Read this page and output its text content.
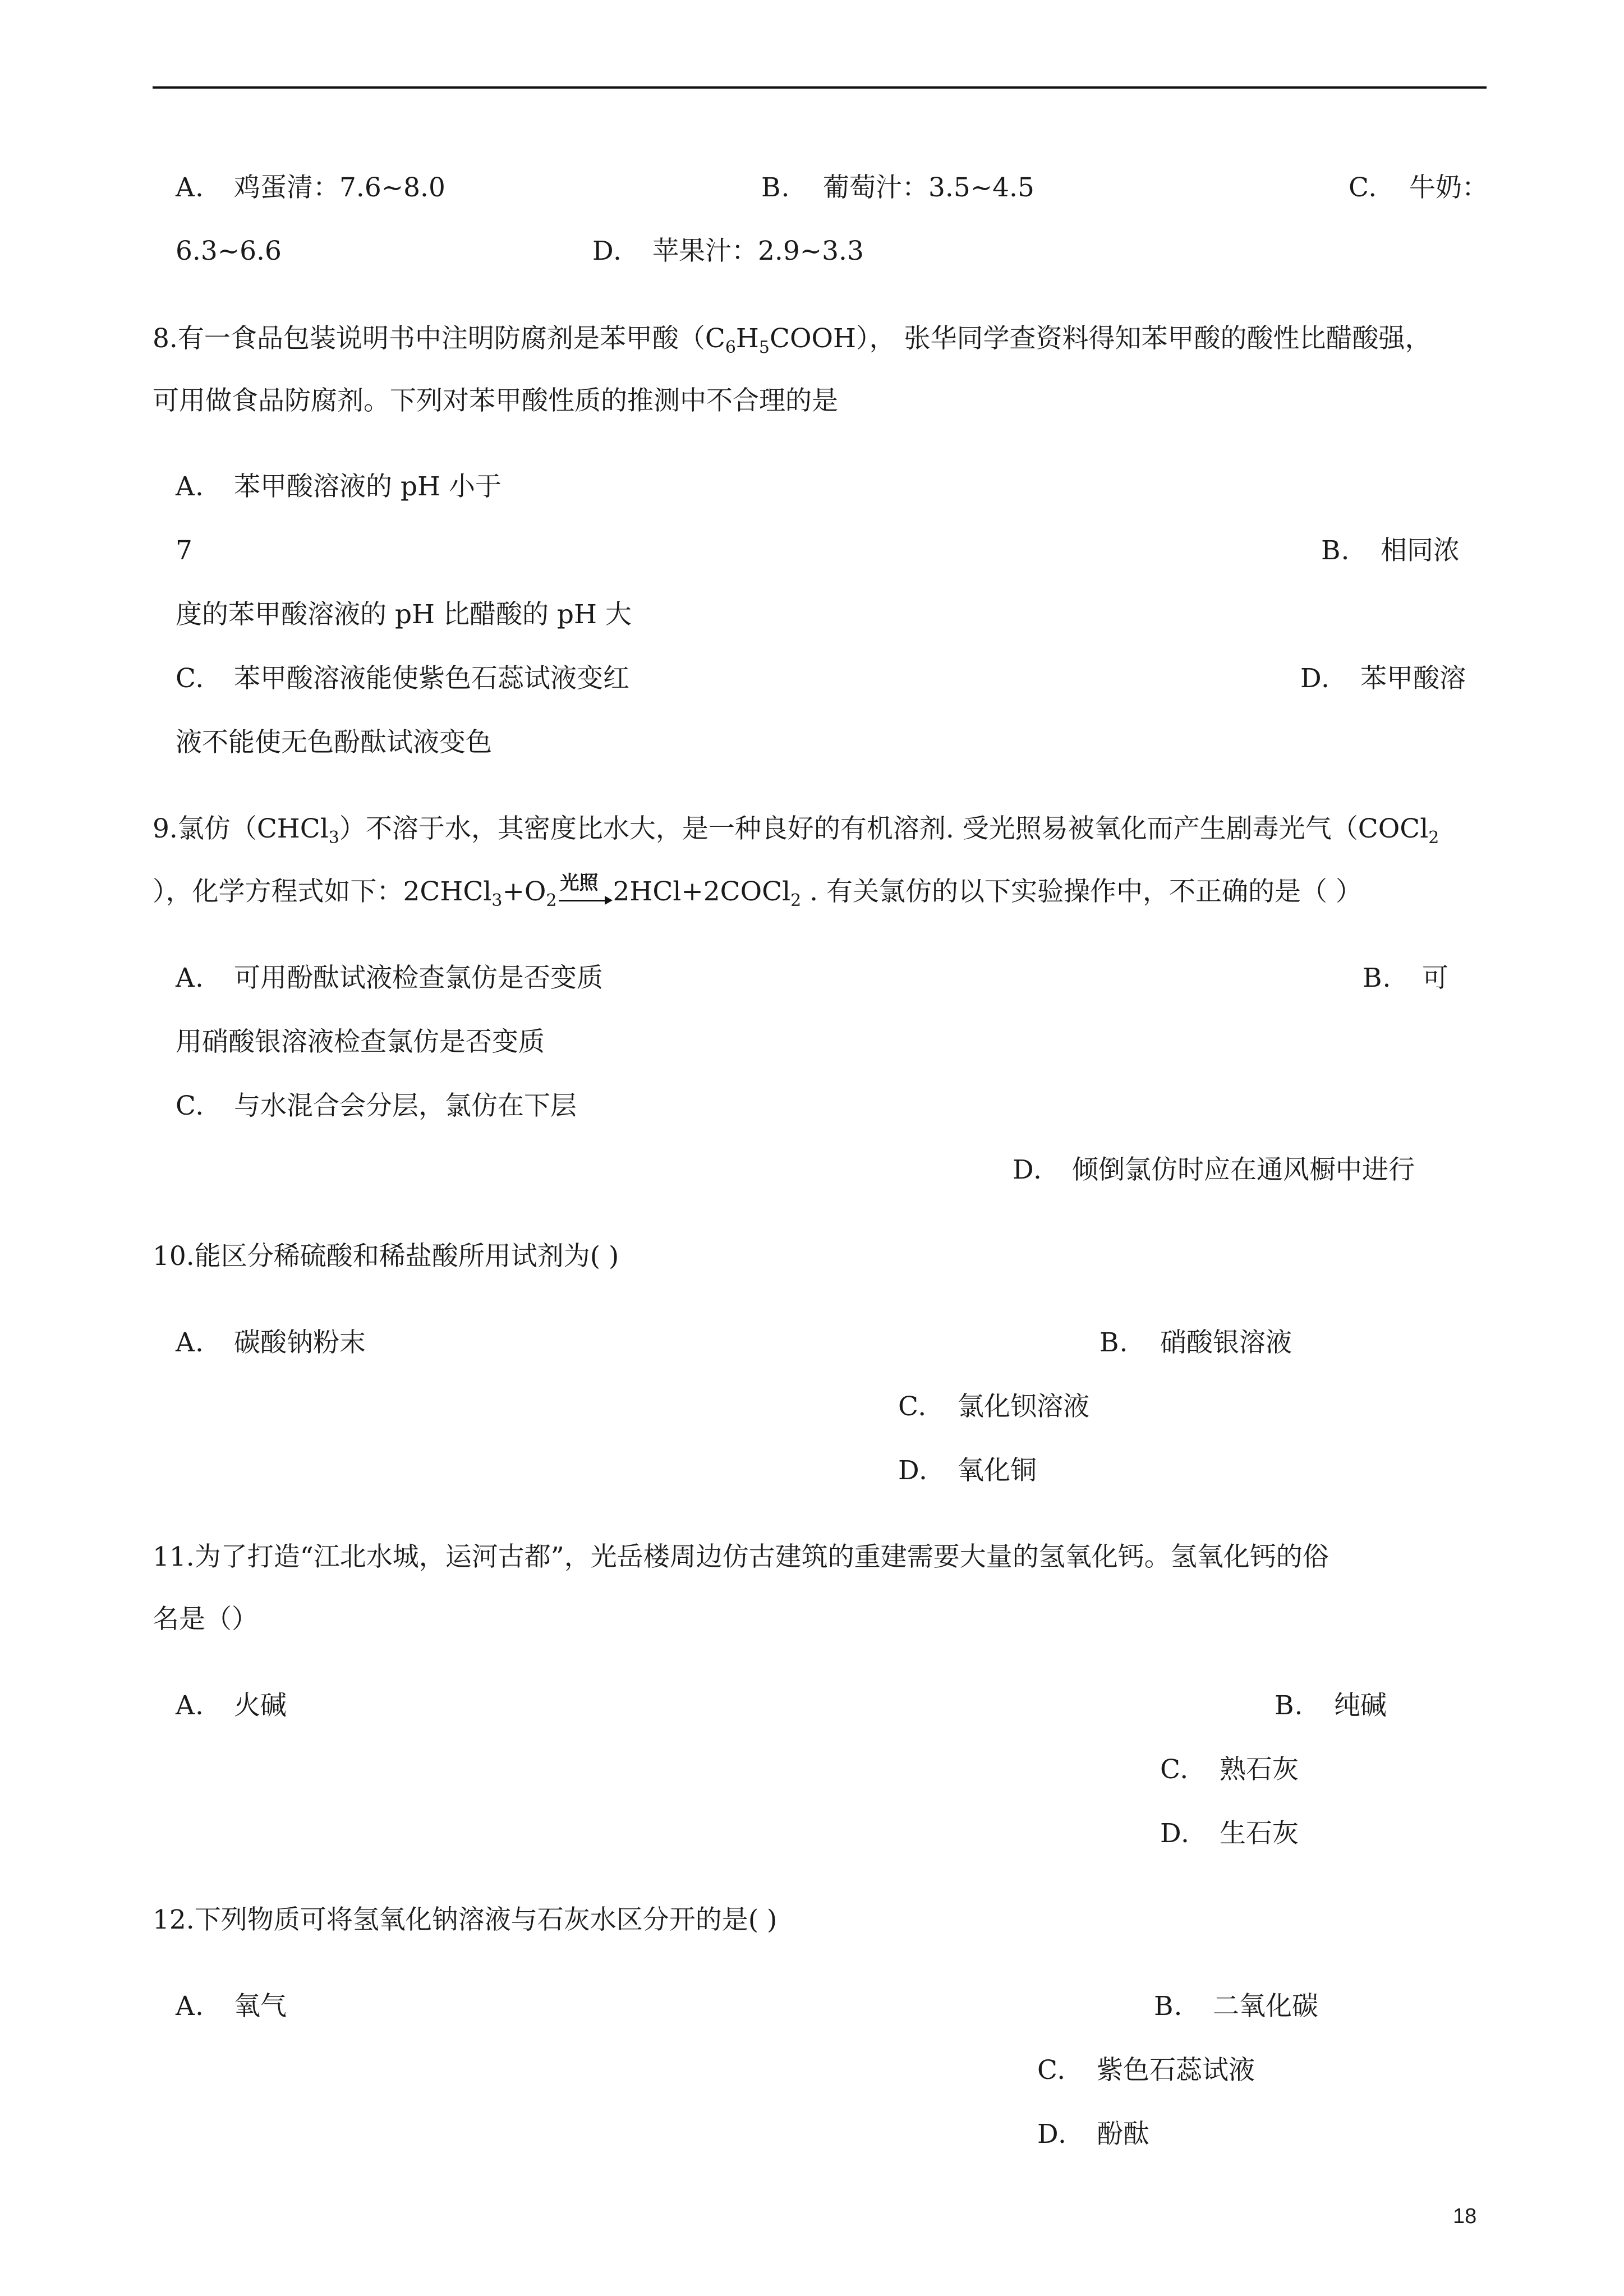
A. 鸡蛋清：7.6~8.0	B. 葡萄汁：3.5~4.5	C. 牛奶：
6.3~6.6	D. 苹果汁：2.9~3.3
8.有一食品包装说明书中注明防腐剂是苯甲酸$(C_6H_5COOH)$， 张华同学查资料得知苯甲酸的酸性比醋酸强，
可用做食品防腐剂。下列对苯甲酸性质的推测中不合理的是
A. 苯甲酸溶液的 pH 小于
7	B. 相同浓
度的苯甲酸溶液的 pH 比醋酸的 pH 大
C. 苯甲酸溶液能使紫色石蕊试液变红	D. 苯甲酸溶
液不能使无色酚酞试液变色
9.氯仿（CHCl$_3$）不溶于水，其密度比水大，是一种良好的有机溶剂. 受光照易被氧化而产生剧毒光气（COCl$_2$
），化学方程式如下：$2CHCl_3+O_2$
光照 2HCl+2COCl$_2$ . 有关氯仿的以下实验操作中，不正确的是（ ）
A. 可用酚酞试液检查氯仿是否变质	B. 可
用硝酸银溶液检查氯仿是否变质
C. 与水混合会分层，氯仿在下层
D. 倾倒氯仿时应在通风橱中进行
10.能区分稀硫酸和稀盐酸所用试剂为( )
A. 碳酸钠粉末	B. 硝酸银溶液
C. 氯化钡溶液
D. 氧化铜
11.为了打造“江北水城，运河古都”，光岳楼周边仿古建筑的重建需要大量的氢氧化钙。氢氧化钙的俗
名是（）
A. 火碱	B. 纯碱
C. 熟石灰
D. 生石灰
12.下列物质可将氢氧化钠溶液与石灰水区分开的是( )
A. 氧气	B. 二氧化碳
C. 紫色石蕊试液
D. 酚酞
18
